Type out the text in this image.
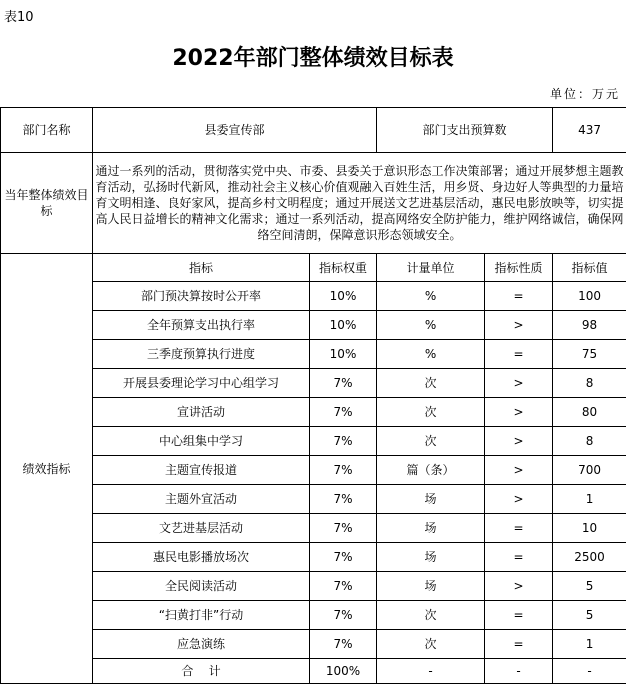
表10
2022年部门整体绩效目标表
单位：万元
部门名称	县委宣传部		部门支出预算数		437
当年整体绩效目标	通过一系列的活动，贯彻落实党中央、市委、县委关于意识形态工作决策部署；通过开展梦想主题教育活动，弘扬时代新风，推动社会主义核心价值观融入百姓生活，用乡贤、身边好人等典型的力量培育文明相逢、良好家风，提高乡村文明程度；通过开展送文艺进基层活动，惠民电影放映等，切实提高人民日益增长的精神文化需求；通过一系列活动，提高网络安全防护能力，维护网络诚信，确保网络空间清朗，保障意识形态领域安全。				
绩效指标	指标	指标权重	计量单位	指标性质	指标值
	部门预决算按时公开率	10%	%	=	100
	全年预算支出执行率	10%	%	>	98
	三季度预算执行进度	10%	%	=	75
	开展县委理论学习中心组学习	7%	次	>	8
	宣讲活动	7%	次	>	80
	中心组集中学习	7%	次	>	8
	主题宣传报道	7%	篇（条）	>	700
	主题外宣活动	7%	场	>	1
	文艺进基层活动	7%	场	=	10
	惠民电影播放场次	7%	场	=	2500
	全民阅读活动	7%	场	>	5
	“扫黄打非”行动	7%	次	=	5
	应急演练	7%	次	=	1
	合    计	100%	-	-	-
